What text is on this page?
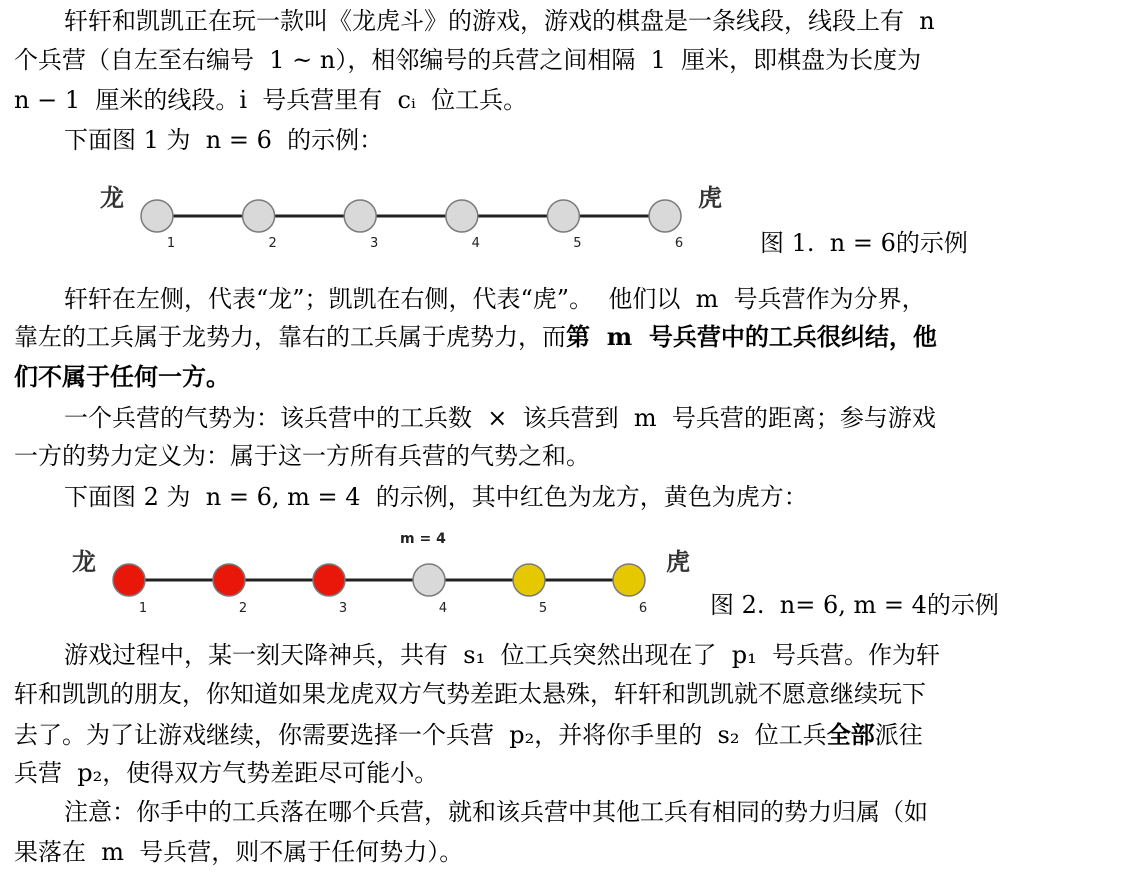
轩轩和凯凯正在玩一款叫《龙虎斗》的游戏，游戏的棋盘是一条线段，线段上有  n
个兵营（自左至右编号  1 ~ n），相邻编号的兵营之间相隔  1  厘米，即棋盘为长度为
n − 1  厘米的线段。i  号兵营里有  cᵢ  位工兵。
下面图 1 为  n = 6  的示例：
龙	虎
1	2	3	4	5	6	图 1.  n = 6的示例
轩轩在左侧，代表“龙”；凯凯在右侧，代表“虎”。  他们以  m  号兵营作为分界，
靠左的工兵属于龙势力，靠右的工兵属于虎势力，而第  m  号兵营中的工兵很纠结，他
们不属于任何一方。
一个兵营的气势为：该兵营中的工兵数  ×  该兵营到  m  号兵营的距离；参与游戏
一方的势力定义为：属于这一方所有兵营的气势之和。
下面图 2 为  n = 6, m = 4  的示例，其中红色为龙方，黄色为虎方：
m = 4
龙	虎
1	2	3	4	5	6	图 2.  n= 6, m = 4的示例
游戏过程中，某一刻天降神兵，共有  s₁  位工兵突然出现在了  p₁  号兵营。作为轩
轩和凯凯的朋友，你知道如果龙虎双方气势差距太悬殊，轩轩和凯凯就不愿意继续玩下
去了。为了让游戏继续，你需要选择一个兵营  p₂，并将你手里的  s₂  位工兵全部派往
兵营  p₂，使得双方气势差距尽可能小。
注意：你手中的工兵落在哪个兵营，就和该兵营中其他工兵有相同的势力归属（如
果落在  m  号兵营，则不属于任何势力）。
